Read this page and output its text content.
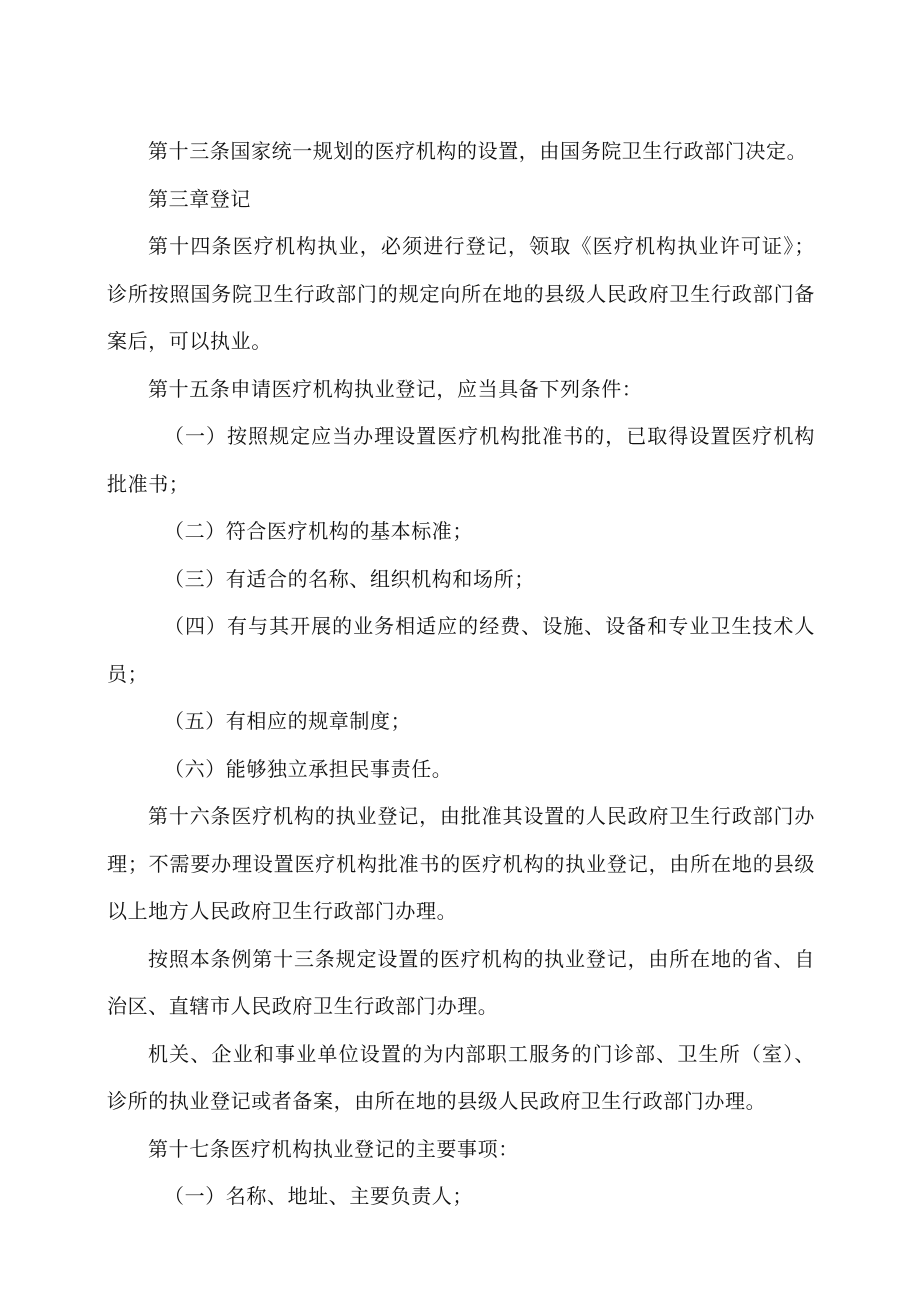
第十三条国家统一规划的医疗机构的设置，由国务院卫生行政部门决定。

第三章登记

第十四条医疗机构执业，必须进行登记，领取《医疗机构执业许可证》；诊所按照国务院卫生行政部门的规定向所在地的县级人民政府卫生行政部门备案后，可以执业。

第十五条申请医疗机构执业登记，应当具备下列条件：

（一）按照规定应当办理设置医疗机构批准书的，已取得设置医疗机构批准书；

（二）符合医疗机构的基本标准；

（三）有适合的名称、组织机构和场所；

（四）有与其开展的业务相适应的经费、设施、设备和专业卫生技术人员；

（五）有相应的规章制度；

（六）能够独立承担民事责任。

第十六条医疗机构的执业登记，由批准其设置的人民政府卫生行政部门办理；不需要办理设置医疗机构批准书的医疗机构的执业登记，由所在地的县级以上地方人民政府卫生行政部门办理。

按照本条例第十三条规定设置的医疗机构的执业登记，由所在地的省、自治区、直辖市人民政府卫生行政部门办理。

机关、企业和事业单位设置的为内部职工服务的门诊部、卫生所（室）、诊所的执业登记或者备案，由所在地的县级人民政府卫生行政部门办理。

第十七条医疗机构执业登记的主要事项：

（一）名称、地址、主要负责人；
